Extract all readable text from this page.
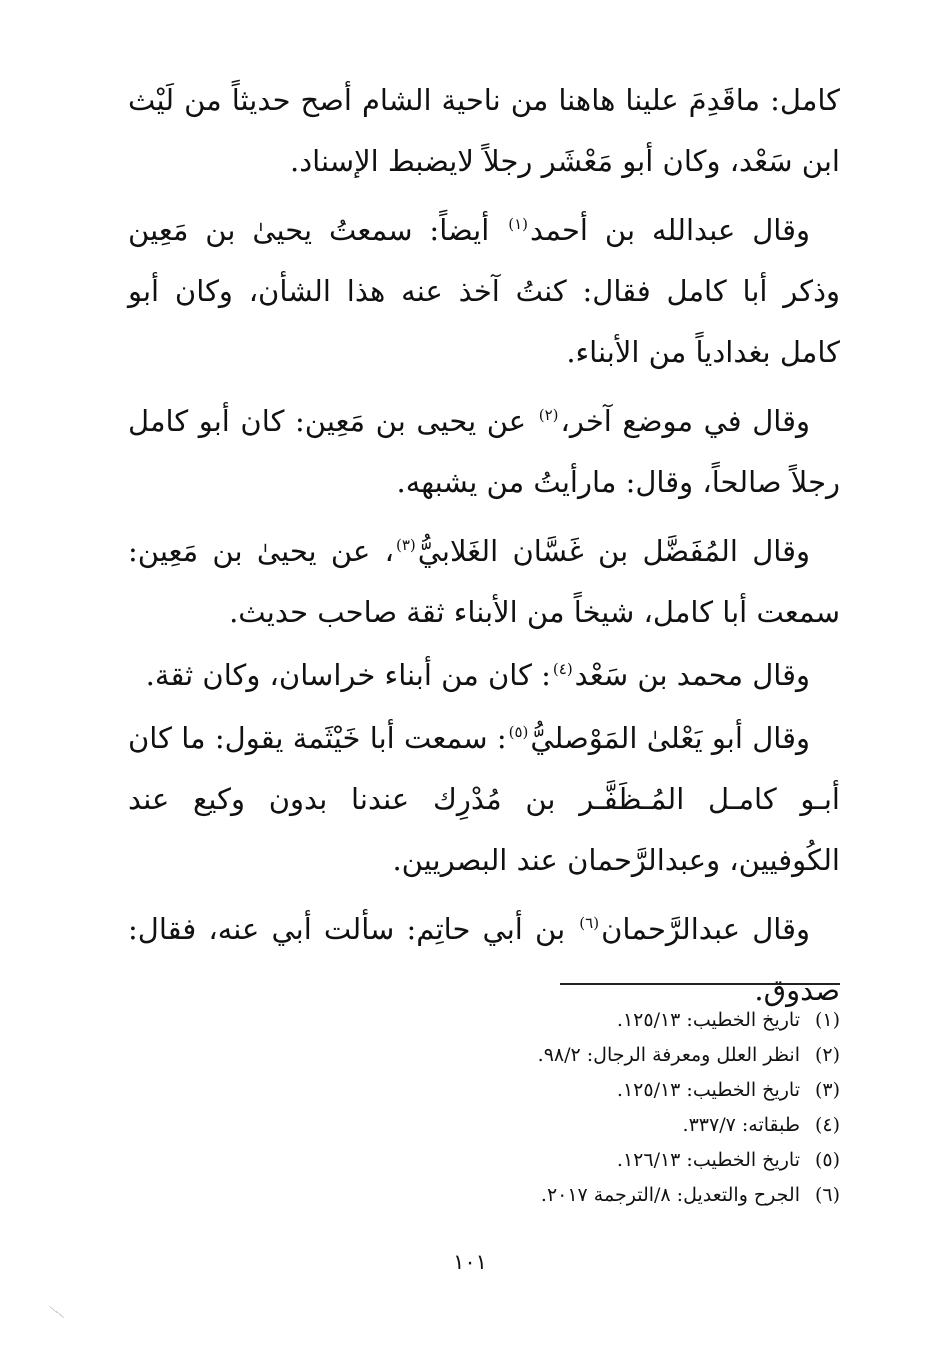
كامل: ماقَدِمَ علينا هاهنا من ناحية الشام أصح حديثاً من لَيْث ابن سَعْد، وكان أبو مَعْشَر رجلاً لايضبط الإسناد.

وقال عبدالله بن أحمد$^{(١)}$ أيضاً: سمعتُ يحيىٰ بن مَعِين وذكر أبا كامل فقال: كنتُ آخذ عنه هذا الشأن، وكان أبو كامل بغدادياً من الأبناء.

وقال في موضع آخر،$^{(٢)}$ عن يحيى بن مَعِين: كان أبو كامل رجلاً صالحاً، وقال: مارأيتُ من يشبهه.

وقال المُفَضَّل بن غَسَّان الغَلابيُّ$^{(٣)}$، عن يحيىٰ بن مَعِين: سمعت أبا كامل، شيخاً من الأبناء ثقة صاحب حديث.

وقال محمد بن سَعْد$^{(٤)}$: كان من أبناء خراسان، وكان ثقة.

وقال أبو يَعْلىٰ المَوْصليُّ$^{(٥)}$: سمعت أبا خَيْثَمة يقول: ما كان أبـو كامـل المُـظَفَّـر بن مُدْرِك عندنا بدون وكيع عند الكُوفيين، وعبدالرَّحمان عند البصريين.

وقال عبدالرَّحمان$^{(٦)}$ بن أبي حاتِم: سألت أبي عنه، فقال: صدوق.

(١)
تاريخ الخطيب: ١٢٥/١٣.
(٢)
انظر العلل ومعرفة الرجال: ٩٨/٢.
(٣)
تاريخ الخطيب: ١٢٥/١٣.
(٤)
طبقاته: ٣٣٧/٧.
(٥)
تاريخ الخطيب: ١٢٦/١٣.
(٦)
الجرح والتعديل: ٨/الترجمة ٢٠١٧.
١٠١
